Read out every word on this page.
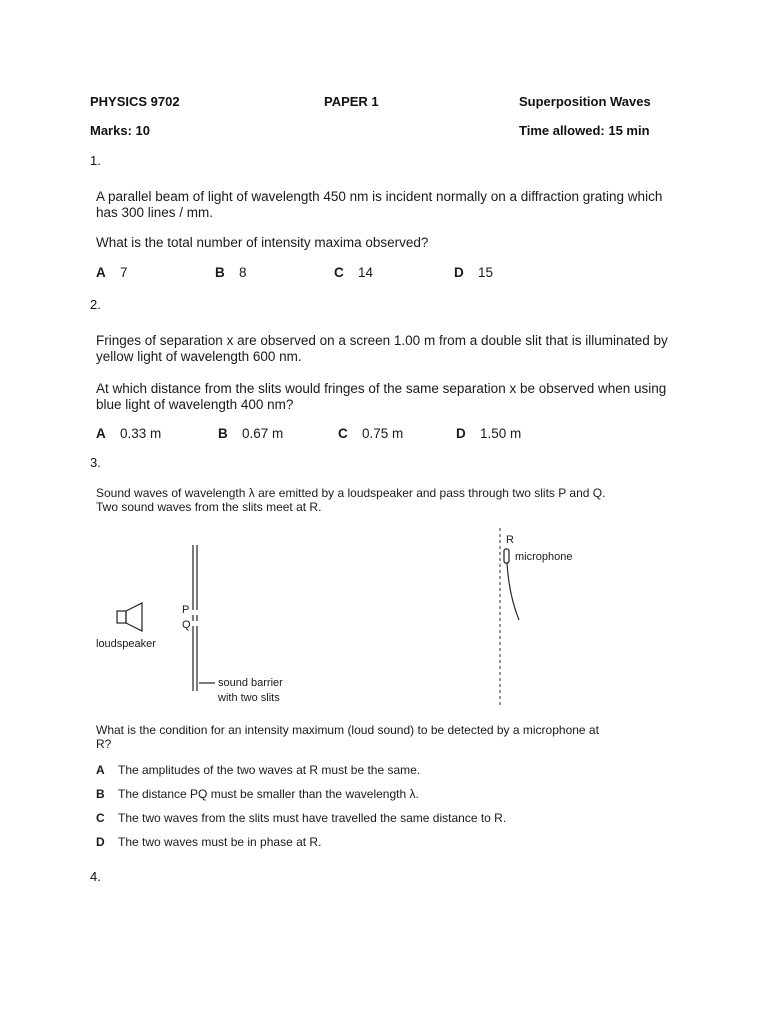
PHYSICS 9702	PAPER 1	Superposition Waves
Marks: 10	Time allowed: 15 min
1.
A parallel beam of light of wavelength 450 nm is incident normally on a diffraction grating which has 300 lines / mm.
What is the total number of intensity maxima observed?
A 7	B 8	C 14	D 15
2.
Fringes of separation x are observed on a screen 1.00 m from a double slit that is illuminated by yellow light of wavelength 600 nm.
At which distance from the slits would fringes of the same separation x be observed when using blue light of wavelength 400 nm?
A 0.33 m	B 0.67 m	C 0.75 m	D 1.50 m
3.
Sound waves of wavelength λ are emitted by a loudspeaker and pass through two slits P and Q. Two sound waves from the slits meet at R.
R
microphone
P
Q
loudspeaker
sound barrier
with two slits
What is the condition for an intensity maximum (loud sound) to be detected by a microphone at R?
A The amplitudes of the two waves at R must be the same.
B The distance PQ must be smaller than the wavelength λ.
C The two waves from the slits must have travelled the same distance to R.
D The two waves must be in phase at R.
4.
